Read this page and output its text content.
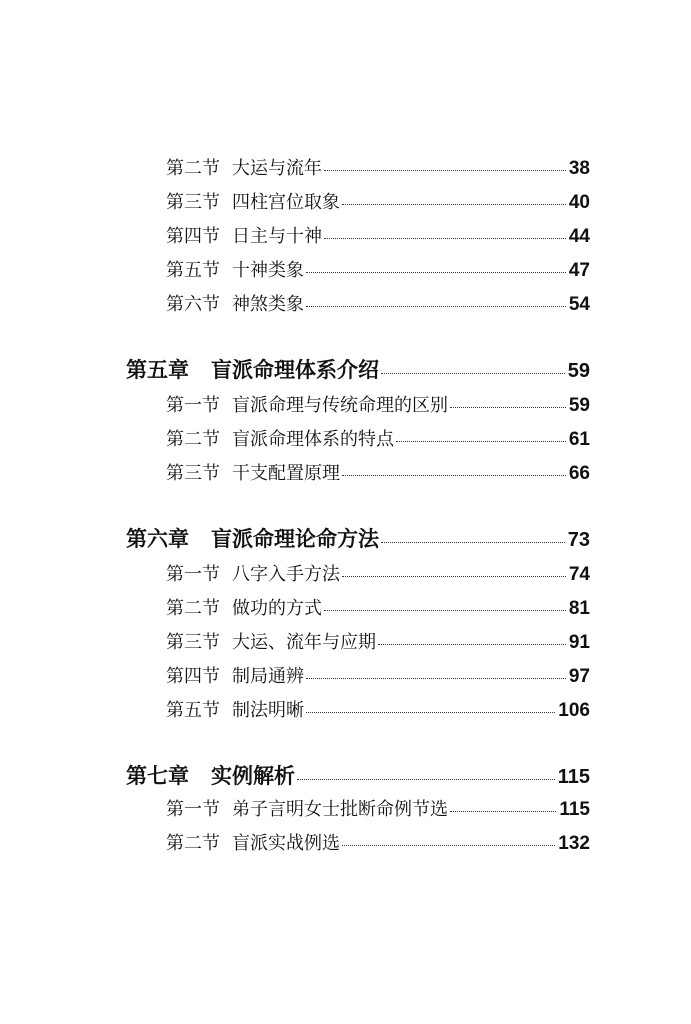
第二节 大运与流年	38
第三节 四柱宫位取象	40
第四节 日主与十神	44
第五节 十神类象	47
第六节 神煞类象	54
第五章 盲派命理体系介绍	59
第一节 盲派命理与传统命理的区别	59
第二节 盲派命理体系的特点	61
第三节 干支配置原理	66
第六章 盲派命理论命方法	73
第一节 八字入手方法	74
第二节 做功的方式	81
第三节 大运、流年与应期	91
第四节 制局通辨	97
第五节 制法明晰	106
第七章 实例解析	115
第一节 弟子言明女士批断命例节选	115
第二节 盲派实战例选	132
